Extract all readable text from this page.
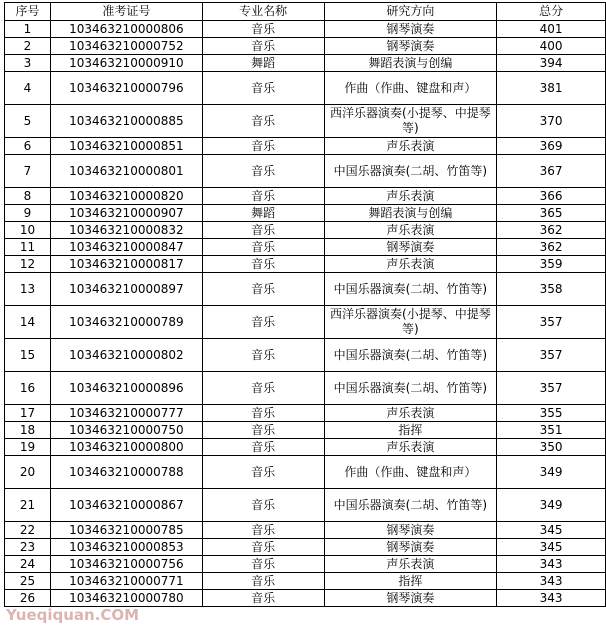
序号	准考证号	专业名称	研究方向	总分
1	103463210000806	音乐	钢琴演奏	401
2	103463210000752	音乐	钢琴演奏	400
3	103463210000910	舞蹈	舞蹈表演与创编	394
4	103463210000796	音乐	作曲（作曲、键盘和声）	381
5	103463210000885	音乐	西洋乐器演奏(小提琴、中提琴等)	370
6	103463210000851	音乐	声乐表演	369
7	103463210000801	音乐	中国乐器演奏(二胡、竹笛等)	367
8	103463210000820	音乐	声乐表演	366
9	103463210000907	舞蹈	舞蹈表演与创编	365
10	103463210000832	音乐	声乐表演	362
11	103463210000847	音乐	钢琴演奏	362
12	103463210000817	音乐	声乐表演	359
13	103463210000897	音乐	中国乐器演奏(二胡、竹笛等)	358
14	103463210000789	音乐	西洋乐器演奏(小提琴、中提琴等)	357
15	103463210000802	音乐	中国乐器演奏(二胡、竹笛等)	357
16	103463210000896	音乐	中国乐器演奏(二胡、竹笛等)	357
17	103463210000777	音乐	声乐表演	355
18	103463210000750	音乐	指挥	351
19	103463210000800	音乐	声乐表演	350
20	103463210000788	音乐	作曲（作曲、键盘和声）	349
21	103463210000867	音乐	中国乐器演奏(二胡、竹笛等)	349
22	103463210000785	音乐	钢琴演奏	345
23	103463210000853	音乐	钢琴演奏	345
24	103463210000756	音乐	声乐表演	343
25	103463210000771	音乐	指挥	343
26	103463210000780	音乐	钢琴演奏	343
Yueqiquan.COM
